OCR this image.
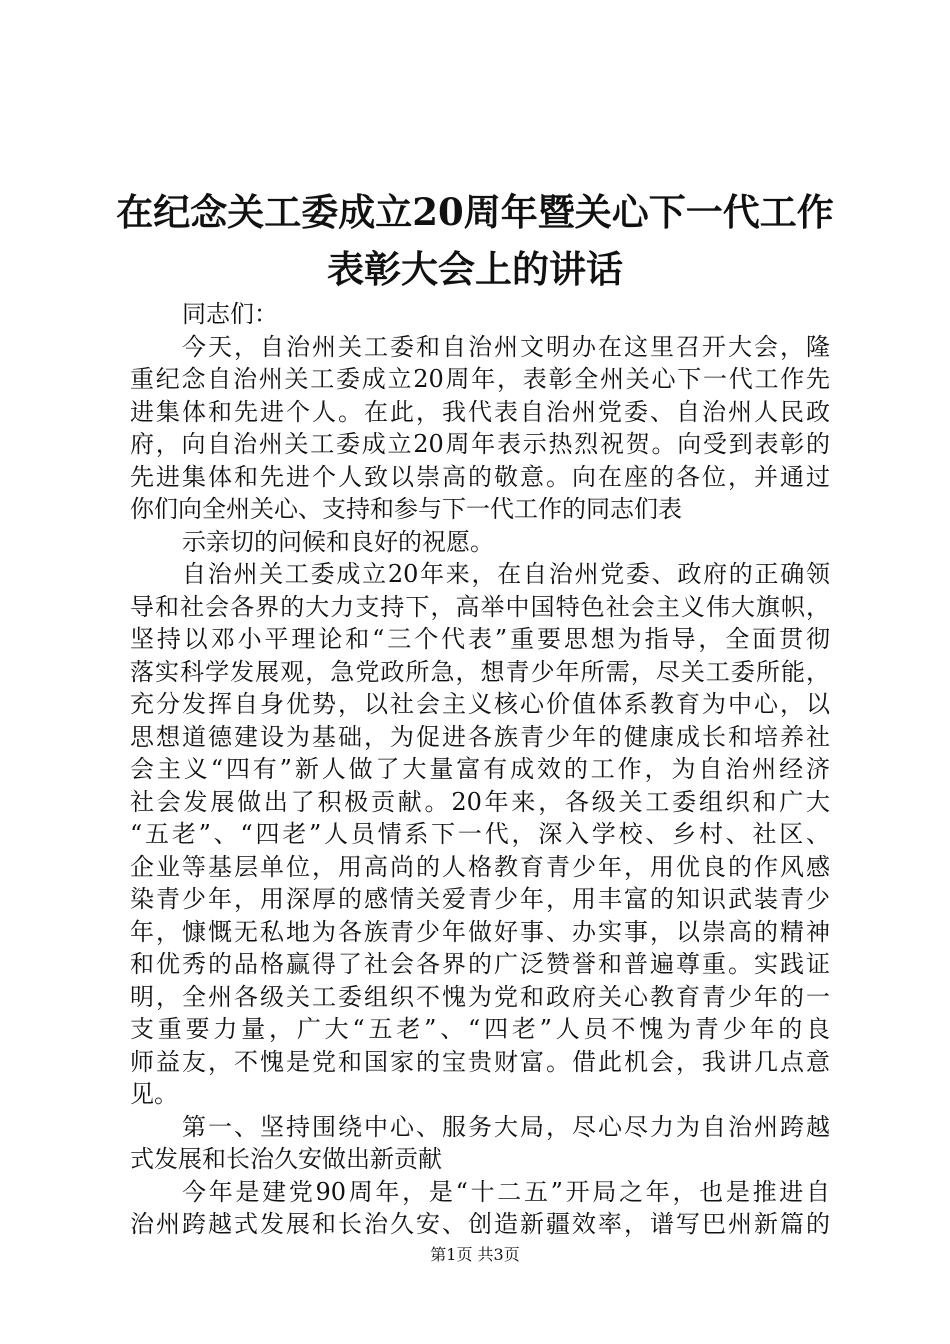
在纪念关工委成立20周年暨关心下一代工作
表彰大会上的讲话
同志们：
今天，自治州关工委和自治州文明办在这里召开大会，隆
重纪念自治州关工委成立20周年，表彰全州关心下一代工作先
进集体和先进个人。在此，我代表自治州党委、自治州人民政
府，向自治州关工委成立20周年表示热烈祝贺。向受到表彰的
先进集体和先进个人致以崇高的敬意。向在座的各位，并通过
你们向全州关心、支持和参与下一代工作的同志们表
示亲切的问候和良好的祝愿。
自治州关工委成立20年来，在自治州党委、政府的正确领
导和社会各界的大力支持下，高举中国特色社会主义伟大旗帜，
坚持以邓小平理论和“三个代表”重要思想为指导，全面贯彻
落实科学发展观，急党政所急，想青少年所需，尽关工委所能，
充分发挥自身优势，以社会主义核心价值体系教育为中心，以
思想道德建设为基础，为促进各族青少年的健康成长和培养社
会主义“四有”新人做了大量富有成效的工作，为自治州经济
社会发展做出了积极贡献。20年来，各级关工委组织和广大
“五老”、“四老”人员情系下一代，深入学校、乡村、社区、
企业等基层单位，用高尚的人格教育青少年，用优良的作风感
染青少年，用深厚的感情关爱青少年，用丰富的知识武装青少
年，慷慨无私地为各族青少年做好事、办实事，以崇高的精神
和优秀的品格赢得了社会各界的广泛赞誉和普遍尊重。实践证
明，全州各级关工委组织不愧为党和政府关心教育青少年的一
支重要力量，广大“五老”、“四老”人员不愧为青少年的良
师益友，不愧是党和国家的宝贵财富。借此机会，我讲几点意
见。
第一、坚持围绕中心、服务大局，尽心尽力为自治州跨越
式发展和长治久安做出新贡献
今年是建党90周年，是“十二五”开局之年，也是推进自
治州跨越式发展和长治久安、创造新疆效率，谱写巴州新篇的
第1页 共3页
